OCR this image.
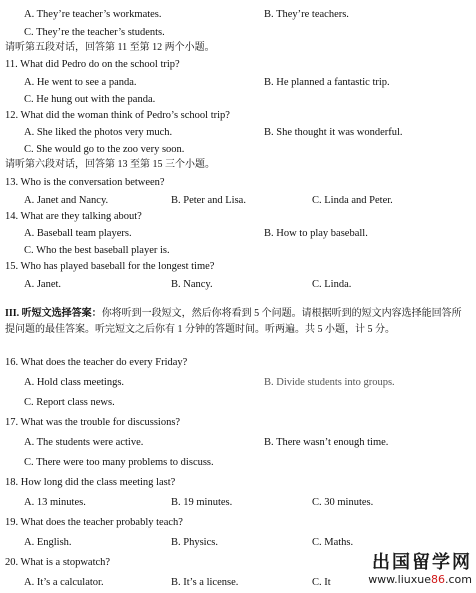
A. They’re teacher’s workmates.	B. They’re teachers.
C. They’re the teacher’s students.
请听第五段对话，回答第 11 至第 12 两个小题。
11. What did Pedro do on the school trip?
A. He went to see a panda.	B. He planned a fantastic trip.
C. He hung out with the panda.
12. What did the woman think of Pedro’s school trip?
A. She liked the photos very much.	B. She thought it was wonderful.
C. She would go to the zoo very soon.
请听第六段对话，回答第 13 至第 15 三个小题。
13. Who is the conversation between?
A. Janet and Nancy.	B. Peter and Lisa.	C. Linda and Peter.
14. What are they talking about?
A. Baseball team players.	B. How to play baseball.
C. Who the best baseball player is.
15. Who has played baseball for the longest time?
A. Janet.	B. Nancy.	C. Linda.
III. 听短文选择答案：你将听到一段短文，然后你将看到 5 个问题。请根据听到的短文内容选择能回答所提问题的最佳答案。听完短文之后你有 1 分钟的答题时间。听两遍。共 5 小题，计 5 分。
16. What does the teacher do every Friday?
A. Hold class meetings.	B. Divide students into groups.
C. Report class news.
17. What was the trouble for discussions?
A. The students were active.	B. There wasn’t enough time.
C. There were too many problems to discuss.
18. How long did the class meeting last?
A. 13 minutes.	B. 19 minutes.	C. 30 minutes.
19. What does the teacher probably teach?
A. English.	B. Physics.	C. Maths.
20. What is a stopwatch?
A. It’s a calculator.	B. It’s a license.	C. It
出国留学网
www.liuxue86.com
